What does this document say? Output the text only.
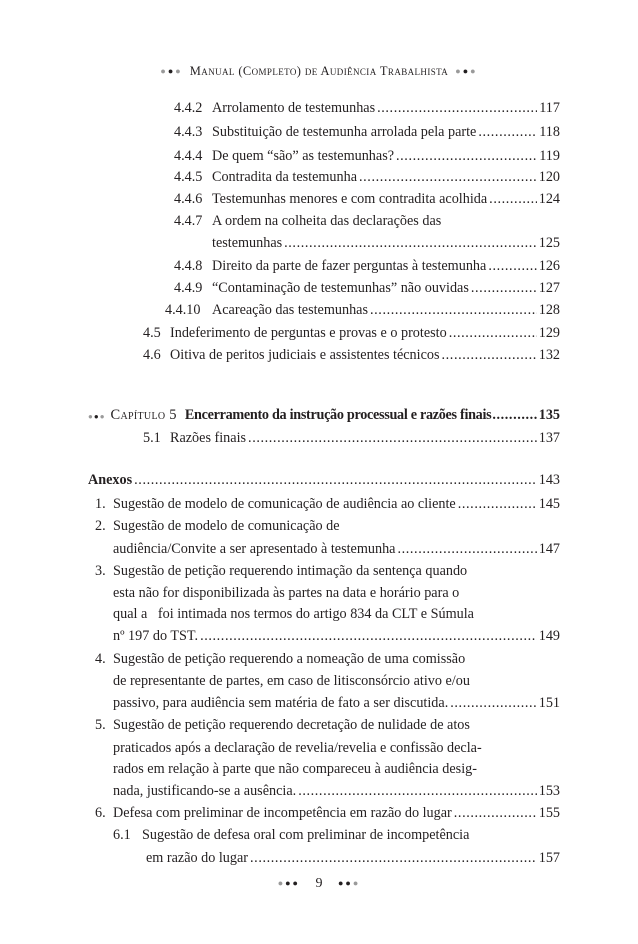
●●● Manual (Completo) de Audiência Trabalhista ●●●
4.4.2 Arrolamento de testemunhas .....	117
4.4.3 Substituição de testemunha arrolada pela parte .....	118
4.4.4 De quem “são” as testemunhas? .....	119
4.4.5 Contradita da testemunha .....	120
4.4.6 Testemunhas menores e com contradita acolhida .....	124
4.4.7 A ordem na colheita das declarações das
testemunhas .....	125
4.4.8 Direito da parte de fazer perguntas à testemunha .....	126
4.4.9 “Contaminação de testemunhas” não ouvidas .....	127
4.4.10 Acareação das testemunhas .....	128
4.5 Indeferimento de perguntas e provas e o protesto .....	129
4.6 Oitiva de peritos judiciais e assistentes técnicos .....	132
●●● Capítulo 5 Encerramento da instrução processual e razões finais .....	135
5.1 Razões finais .....	137
Anexos .....	143
1. Sugestão de modelo de comunicação de audiência ao cliente .....	145
2. Sugestão de modelo de comunicação de
audiência/Convite a ser apresentado à testemunha .....	147
3. Sugestão de petição requerendo intimação da sentença quando
esta não for disponibilizada às partes na data e horário para o
qual a   foi intimada nos termos do artigo 834 da CLT e Súmula
nº 197 do TST. .....	149
4. Sugestão de petição requerendo a nomeação de uma comissão
de representante de partes, em caso de litisconsórcio ativo e/ou
passivo, para audiência sem matéria de fato a ser discutida. .....	151
5. Sugestão de petição requerendo decretação de nulidade de atos
praticados após a declaração de revelia/revelia e confissão decla-
rados em relação à parte que não compareceu à audiência desig-
nada, justificando-se a ausência. .....	153
6. Defesa com preliminar de incompetência em razão do lugar .....	155
6.1 Sugestão de defesa oral com preliminar de incompetência
em razão do lugar .....	157
●●● 9 ●●●
